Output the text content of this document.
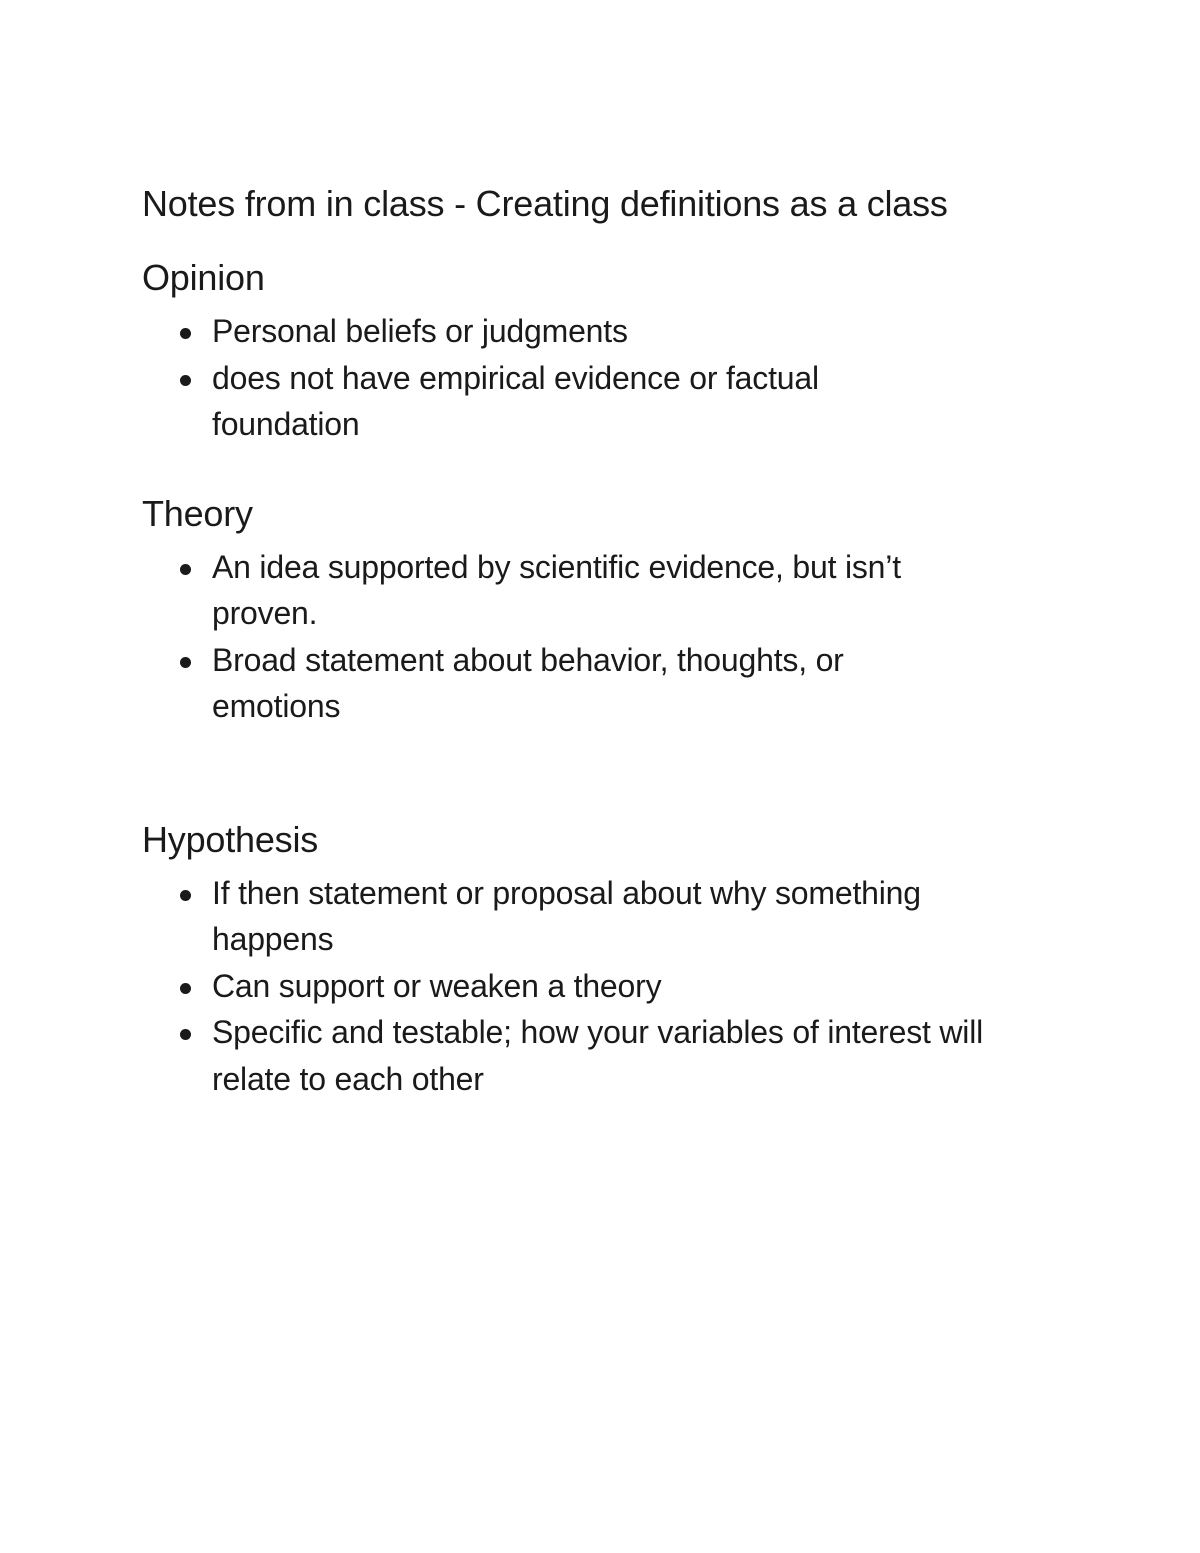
Notes from in class - Creating definitions as a class
Opinion
Personal beliefs or judgments
does not have empirical evidence or factual foundation
Theory
An idea supported by scientific evidence, but isn’t proven.
Broad statement about behavior, thoughts, or emotions
Hypothesis
If then statement or proposal about why something happens
Can support or weaken a theory
Specific and testable; how your variables of interest will relate to each other
